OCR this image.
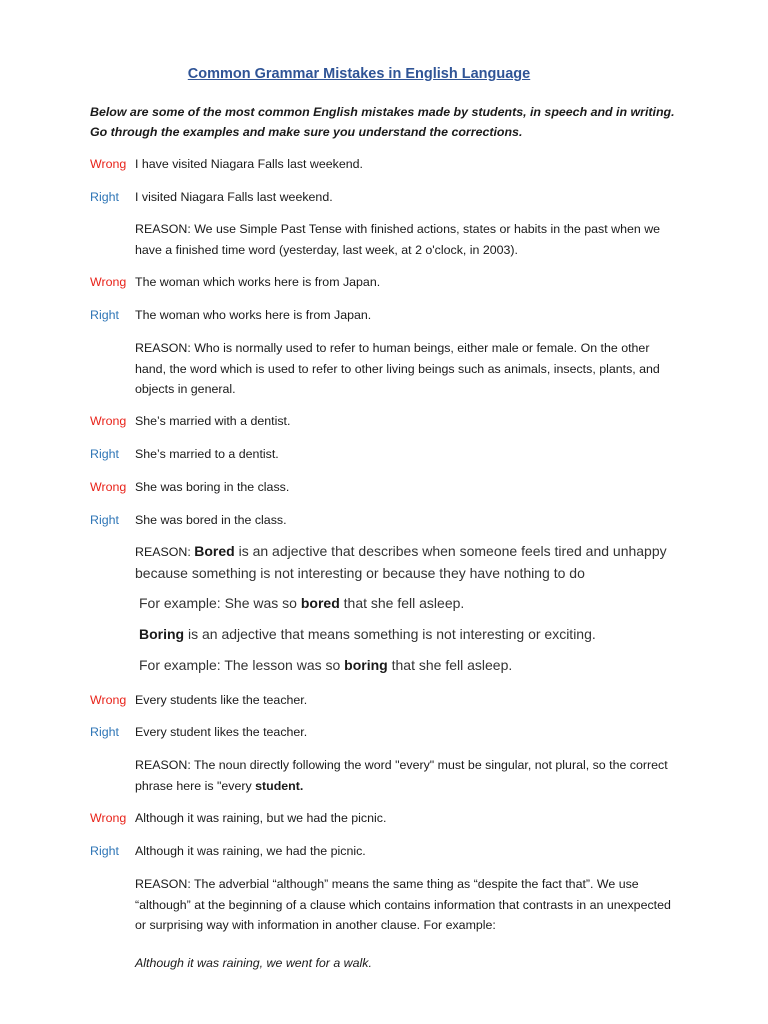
Common Grammar Mistakes in English Language
Below are some of the most common English mistakes made by students, in speech and in writing. Go through the examples and make sure you understand the corrections.
Wrong I have visited Niagara Falls last weekend.
Right I visited Niagara Falls last weekend.
REASON: We use Simple Past Tense with finished actions, states or habits in the past when we have a finished time word (yesterday, last week, at 2 o'clock, in 2003).
Wrong The woman which works here is from Japan.
Right The woman who works here is from Japan.
REASON: Who is normally used to refer to human beings, either male or female. On the other hand, the word which is used to refer to other living beings such as animals, insects, plants, and objects in general.
Wrong She’s married with a dentist.
Right She’s married to a dentist.
Wrong She was boring in the class.
Right She was bored in the class.
REASON: Bored is an adjective that describes when someone feels tired and unhappy because something is not interesting or because they have nothing to do
For example: She was so bored that she fell asleep.
Boring is an adjective that means something is not interesting or exciting.
For example: The lesson was so boring that she fell asleep.
Wrong Every students like the teacher.
Right Every student likes the teacher.
REASON: The noun directly following the word "every" must be singular, not plural, so the correct phrase here is "every student.
Wrong Although it was raining, but we had the picnic.
Right Although it was raining, we had the picnic.
REASON: The adverbial “although” means the same thing as “despite the fact that”. We use “although” at the beginning of a clause which contains information that contrasts in an unexpected or surprising way with information in another clause. For example:
Although it was raining, we went for a walk.
